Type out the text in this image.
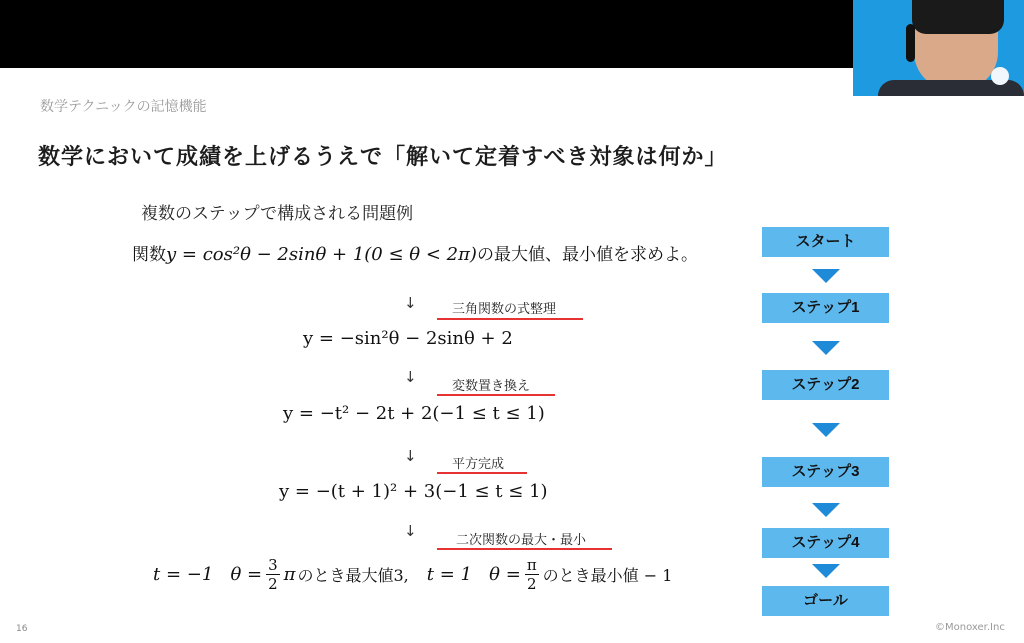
数学テクニックの記憶機能
数学において成績を上げるうえで「解いて定着すべき対象は何か」
複数のステップで構成される問題例
関数y = cos²θ − 2sinθ + 1(0 ≤ θ < 2π)の最大値、最小値を求めよ。
↓	三角関数の式整理
y = −sin²θ − 2sinθ + 2
↓
変数置き換え
y = −t² − 2t + 2(−1 ≤ t ≤ 1)
↓	平方完成
y = −(t + 1)² + 3(−1 ≤ t ≤ 1)
↓
二次関数の最大・最小
t = −1   $\theta = \frac{3}{2}$ π のとき最大値3, t = 1   $\theta = \frac{\pi}{2}$ のとき最小値 − 1
スタート
ステップ1
ステップ2
ステップ3
ステップ4
ゴール
16	©Monoxer.Inc
